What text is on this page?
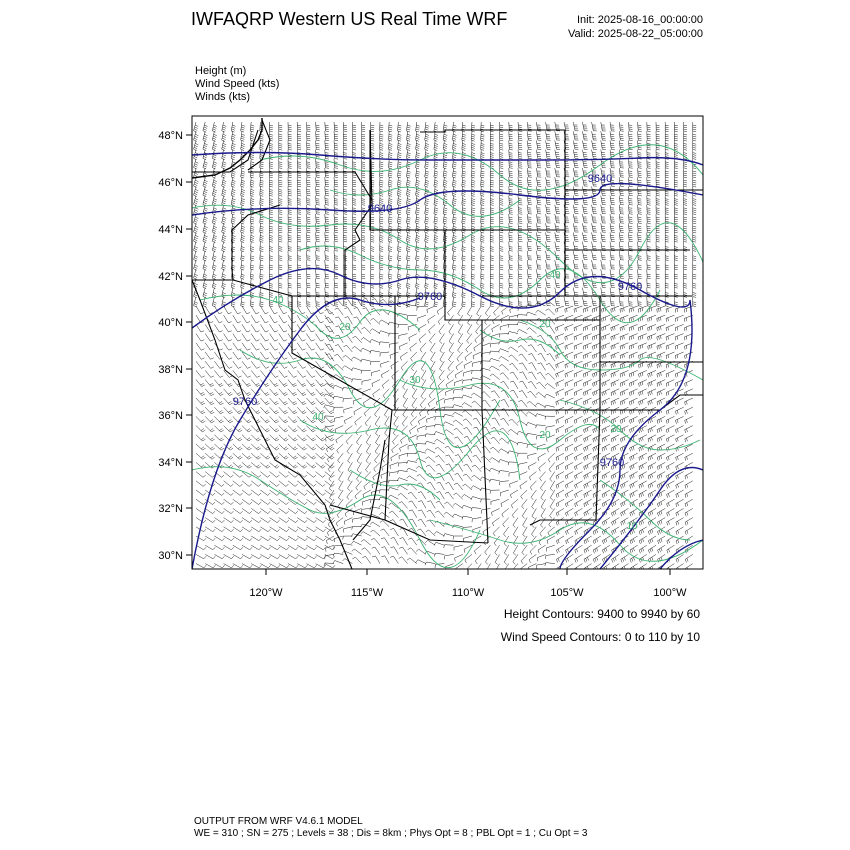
IWFAQRP Western US Real Time WRF	Init: 2025-08-16_00:00:00
Valid: 2025-08-22_05:00:00
Height (m)
Wind Speed (kts)
Winds (kts)
9640
9640
9760
9760
9760
9760
40
40
20
20
30
20
20
40
10
48°N
46°N
44°N
42°N
40°N
38°N
36°N
34°N
32°N
30°N
120°W	115°W	110°W	105°W	100°W
Height Contours: 9400 to 9940 by 60
Wind Speed Contours: 0 to 110 by 10
OUTPUT FROM WRF V4.6.1 MODEL
WE = 310 ; SN = 275 ; Levels = 38 ; Dis = 8km ; Phys Opt = 8 ; PBL Opt = 1 ; Cu Opt = 3
